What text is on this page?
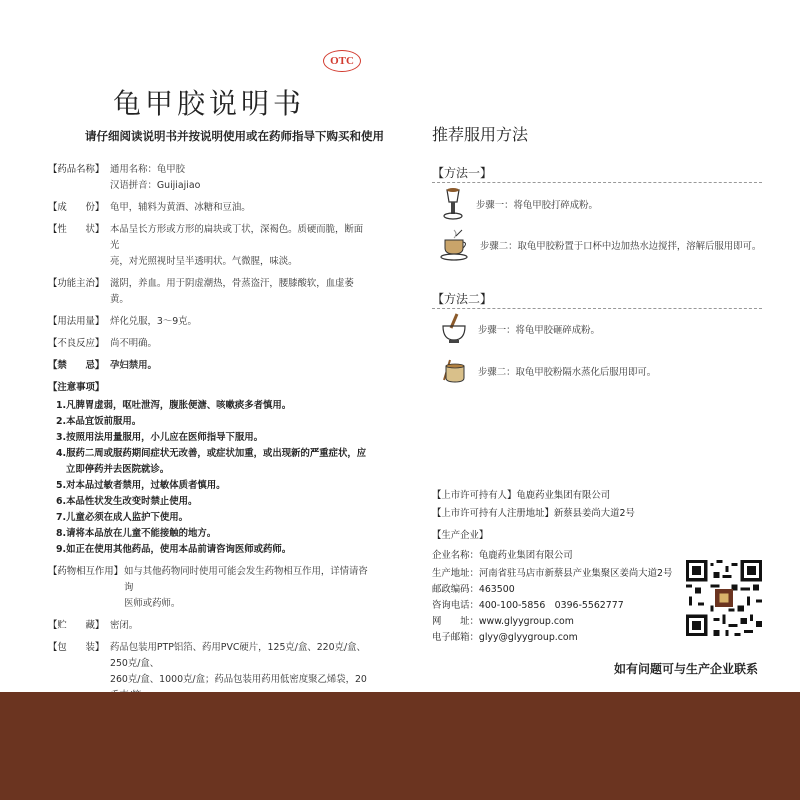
OTC
龟甲胶说明书
请仔细阅读说明书并按说明使用或在药师指导下购买和使用
【药品名称】 通用名称：龟甲胶

汉语拼音：Guijiajiao

【成　　份】 龟甲，辅料为黄酒、冰糖和豆油。

【性　　状】 本品呈长方形或方形的扁块或丁状，深褐色。质硬而脆，断面光

亮，对光照视时呈半透明状。气微腥，味淡。

【功能主治】 滋阴，养血。用于阴虚潮热，骨蒸盗汗，腰膝酸软，血虚萎黄。

【用法用量】 烊化兑服，3～9克。

【不良反应】 尚不明确。

【禁　　忌】 孕妇禁用。

【注意事项】
1.凡脾胃虚弱，呕吐泄泻，腹胀便溏、咳嗽痰多者慎用。
2.本品宜饭前服用。
3.按照用法用量服用，小儿应在医师指导下服用。
4.服药二周或服药期间症状无改善，或症状加重，或出现新的严重症状，应立即停药并去医院就诊。
5.对本品过敏者禁用，过敏体质者慎用。
6.本品性状发生改变时禁止使用。
7.儿童必须在成人监护下使用。
8.请将本品放在儿童不能接触的地方。
9.如正在使用其他药品，使用本品前请咨询医师或药师。
【药物相互作用】 如与其他药物同时使用可能会发生药物相互作用，详情请咨询

医师或药师。

【贮　　藏】 密闭。

【包　　装】 药品包装用PTP铝箔、药用PVC硬片，125克/盒、220克/盒、250克/盒、

260克/盒、1000克/盒；药品包装用药用低密度聚乙烯袋，20

推荐服用方法
【方法一】
步骤一：将龟甲胶打碎成粉。
步骤二：取龟甲胶粉置于口杯中边加热水边搅拌，溶解后服用即可。
【方法二】
步骤一：将龟甲胶砸碎成粉。
步骤二：取龟甲胶粉隔水蒸化后服用即可。
【上市许可持有人】龟鹿药业集团有限公司
【上市许可持有人注册地址】新蔡县姜尚大道2号
【生产企业】
企业名称：龟鹿药业集团有限公司
生产地址：河南省驻马店市新蔡县产业集聚区姜尚大道2号
邮政编码：463500
咨询电话：400-100-5856　0396-5562777
网　　址：www.glyygroup.com
电子邮箱：glyy@glyygroup.com
如有问题可与生产企业联系
